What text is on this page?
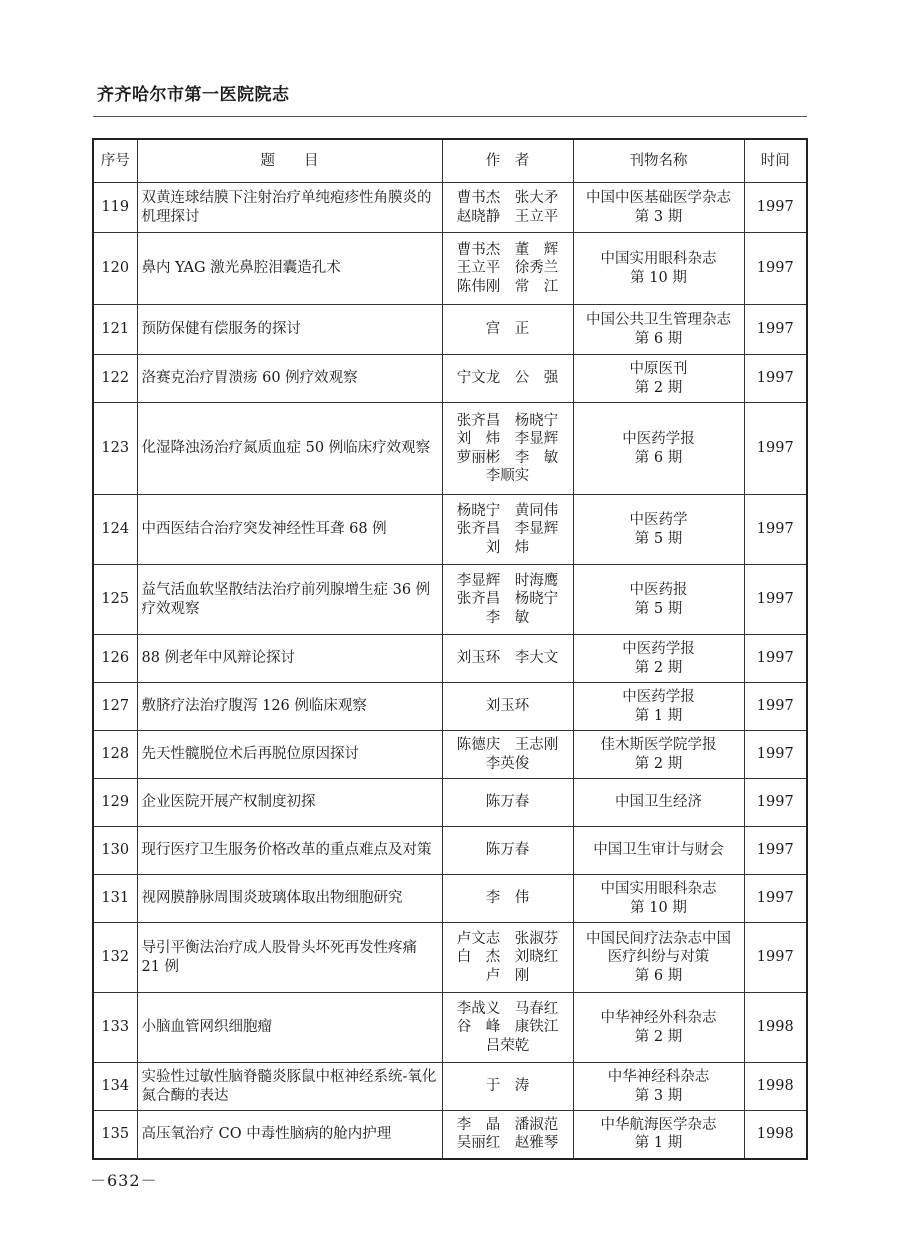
齐齐哈尔市第一医院院志
序号	题　　目	作　者	刊物名称	时间
119	双黄连球结膜下注射治疗单纯疱疹性角膜炎的机理探讨	曹书杰　张大矛
赵晓静　王立平	中国中医基础医学杂志
第 3 期	1997
120	鼻内 YAG 激光鼻腔泪囊造孔术	曹书杰　董　辉
王立平　徐秀兰
陈伟刚　常　江	中国实用眼科杂志
第 10 期	1997
121	预防保健有偿服务的探讨	宫　正	中国公共卫生管理杂志
第 6 期	1997
122	洛赛克治疗胃溃疡 60 例疗效观察	宁文龙　公　强	中原医刊
第 2 期	1997
123	化湿降浊汤治疗氮质血症 50 例临床疗效观察	张齐昌　杨晓宁
刘　炜　李显辉
萝丽彬　李　敏
李顺实	中医药学报
第 6 期	1997
124	中西医结合治疗突发神经性耳聋 68 例	杨晓宁　黄同伟
张齐昌　李显辉
刘　炜	中医药学
第 5 期	1997
125	益气活血软坚散结法治疗前列腺增生症 36 例疗效观察	李显辉　时海鹰
张齐昌　杨晓宁
李　敏	中医药报
第 5 期	1997
126	88 例老年中风辩论探讨	刘玉环　李大文	中医药学报
第 2 期	1997
127	敷脐疗法治疗腹泻 126 例临床观察	刘玉环	中医药学报
第 1 期	1997
128	先天性髋脱位术后再脱位原因探讨	陈德庆　王志刚
李英俊	佳木斯医学院学报
第 2 期	1997
129	企业医院开展产权制度初探	陈万春	中国卫生经济	1997
130	现行医疗卫生服务价格改革的重点难点及对策	陈万春	中国卫生审计与财会	1997
131	视网膜静脉周围炎玻璃体取出物细胞研究	李　伟	中国实用眼科杂志
第 10 期	1997
132	导引平衡法治疗成人股骨头坏死再发性疼痛 21 例	卢文志　张淑芬
白　杰　刘晓红
卢　刚	中国民间疗法杂志中国
医疗纠纷与对策
第 6 期	1997
133	小脑血管网织细胞瘤	李战义　马春红
谷　峰　康铁江
吕荣乾	中华神经外科杂志
第 2 期	1998
134	实验性过敏性脑脊髓炎豚鼠中枢神经系统-氧化氮合酶的表达	于　涛	中华神经科杂志
第 3 期	1998
135	高压氧治疗 CO 中毒性脑病的舱内护理	李　晶　潘淑范
吴丽红　赵雅琴	中华航海医学杂志
第 1 期	1998
－632－
